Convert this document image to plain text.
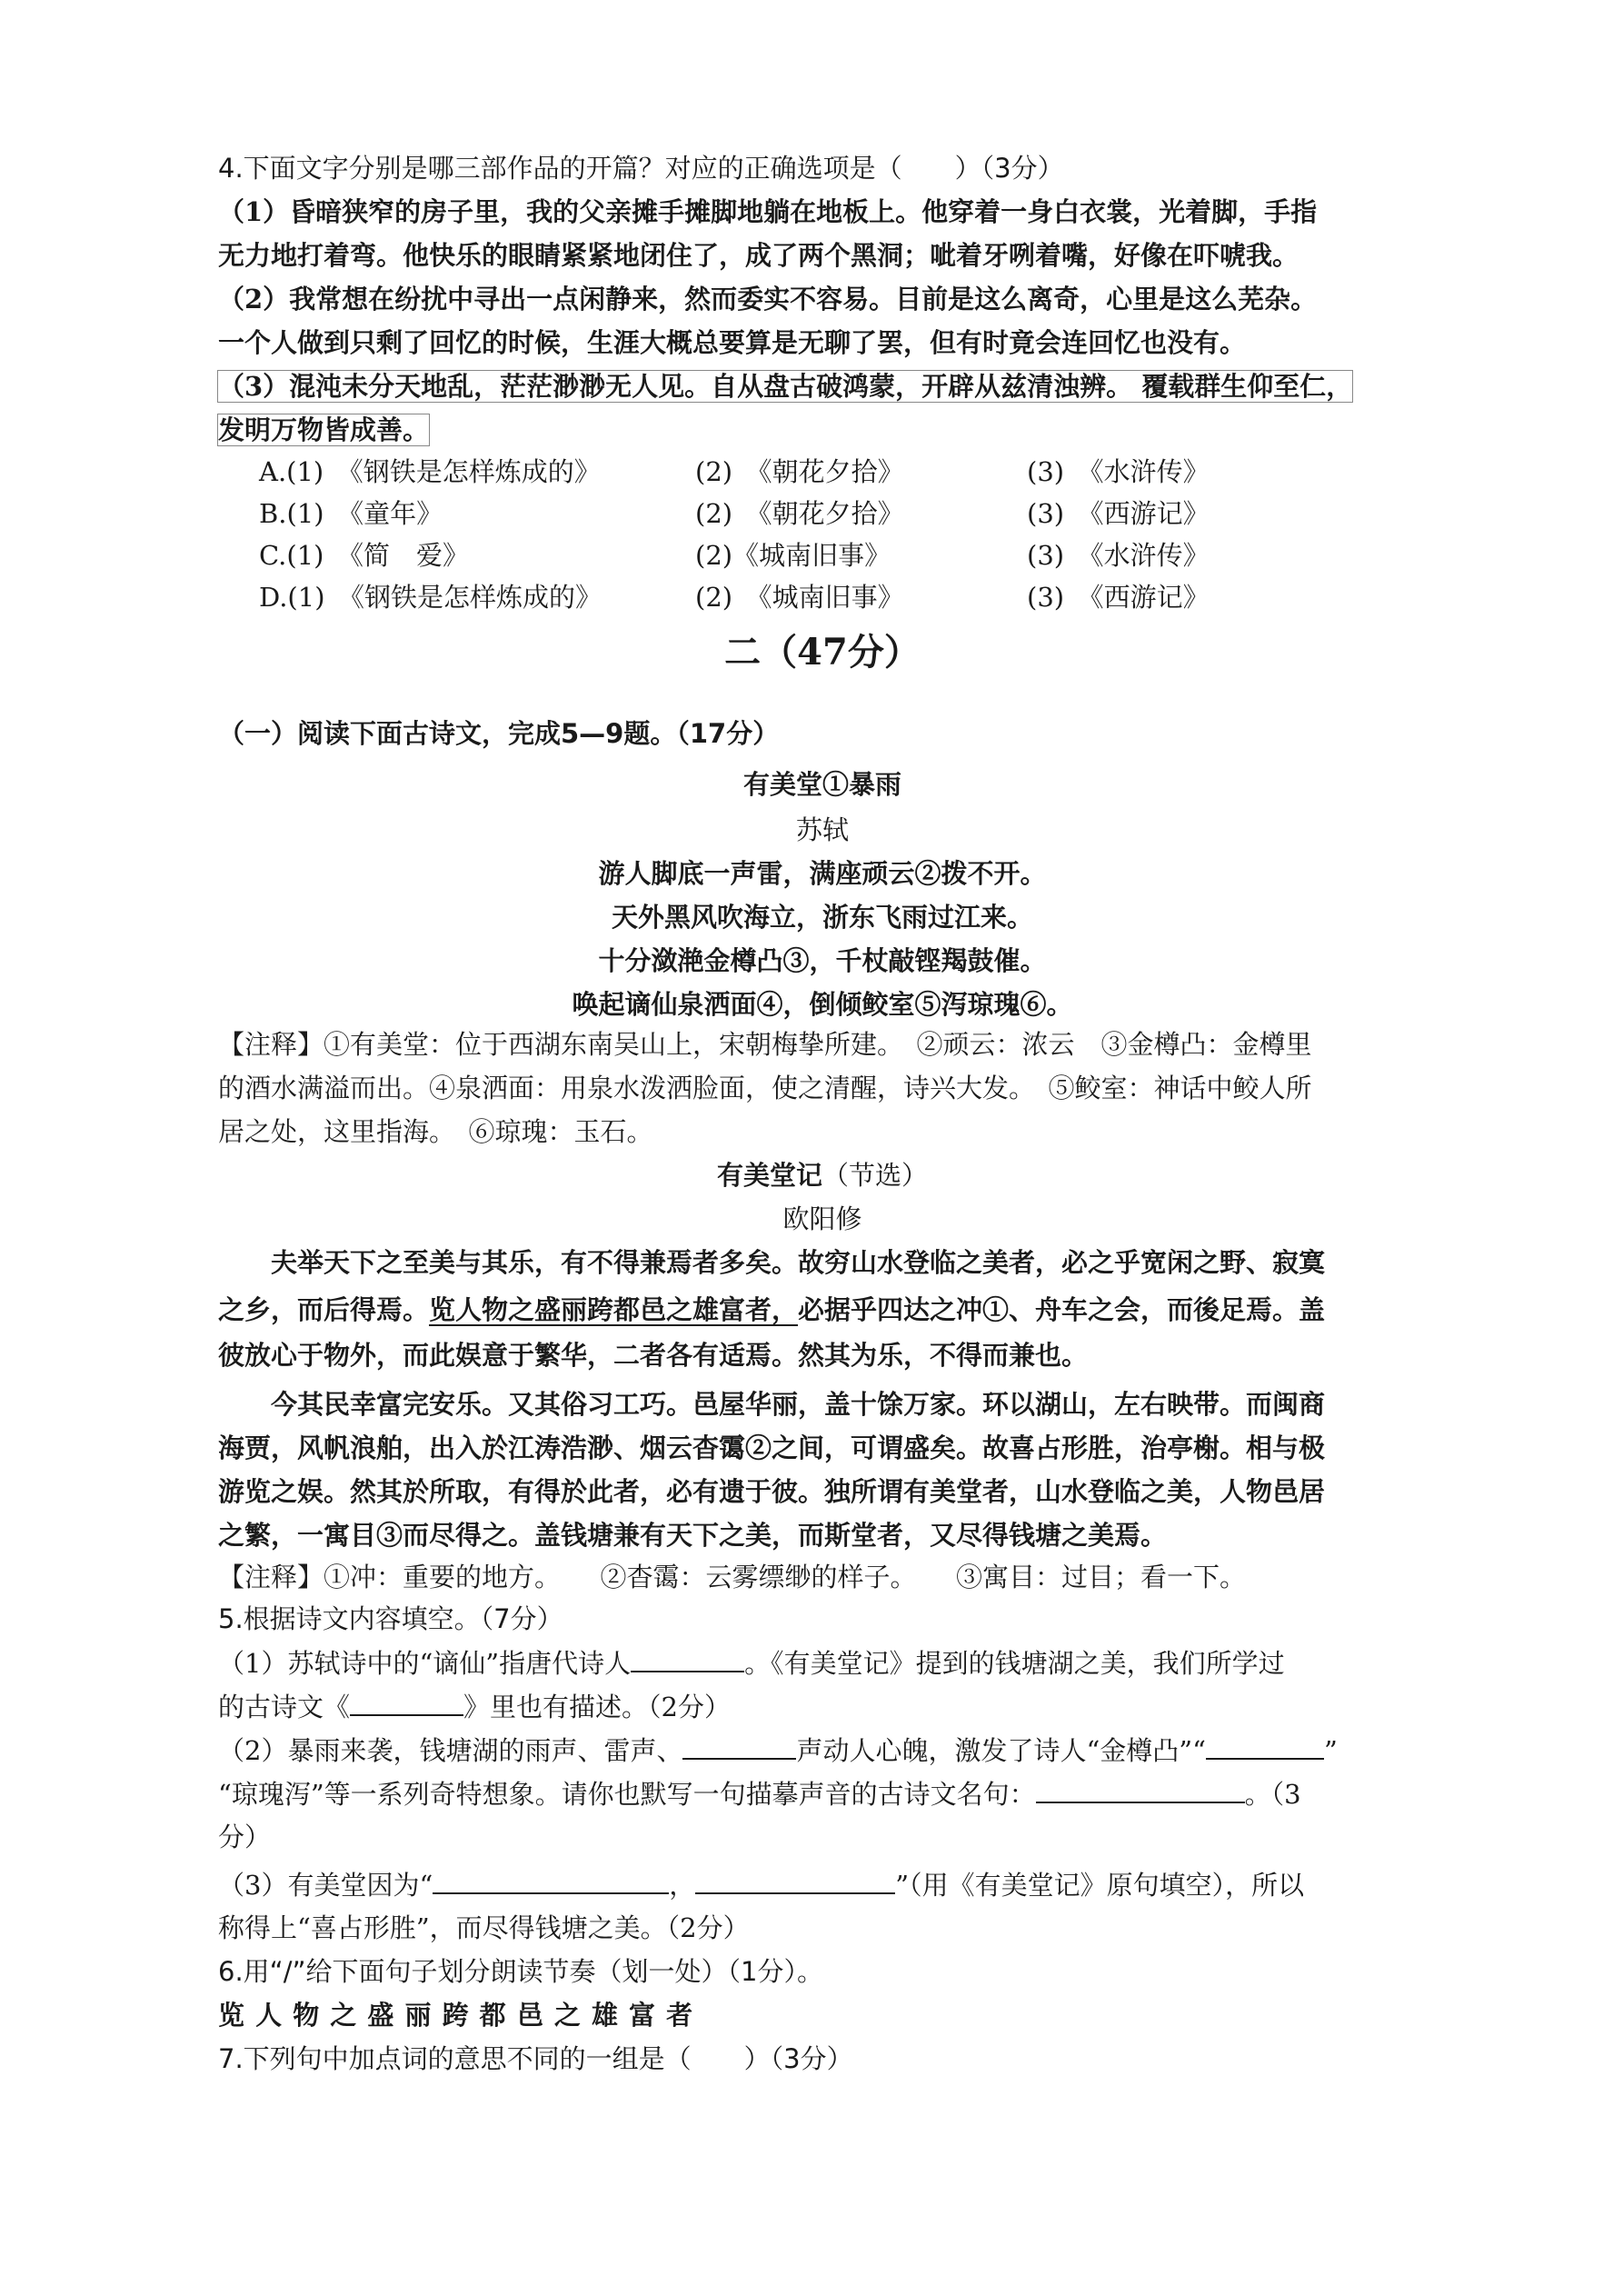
4.下面文字分别是哪三部作品的开篇？对应的正确选项是（　　）（3分）
（1）昏暗狭窄的房子里，我的父亲摊手摊脚地躺在地板上。他穿着一身白衣裳，光着脚，手指
无力地打着弯。他快乐的眼睛紧紧地闭住了，成了两个黑洞；呲着牙咧着嘴，好像在吓唬我。
（2）我常想在纷扰中寻出一点闲静来，然而委实不容易。目前是这么离奇，心里是这么芜杂。
一个人做到只剩了回忆的时候，生涯大概总要算是无聊了罢，但有时竟会连回忆也没有。
（3）混沌未分天地乱，茫茫渺渺无人见。自从盘古破鸿蒙，开辟从兹清浊辨。 覆载群生仰至仁，
发明万物皆成善。
A.(1)　《钢铁是怎样炼成的》	(2)　《朝花夕拾》	(3)　《水浒传》
B.(1)　《童年》	(2)　《朝花夕拾》	(3)　《西游记》
C.(1)　《简　爱》	(2)《城南旧事》	(3)　《水浒传》
D.(1)　《钢铁是怎样炼成的》	(2)　《城南旧事》	(3)　《西游记》
二（47分）
（一）阅读下面古诗文，完成5—9题。（17分）
有美堂①暴雨
苏轼
游人脚底一声雷，满座顽云②拨不开。
天外黑风吹海立，浙东飞雨过江来。
十分潋滟金樽凸③，千杖敲铿羯鼓催。
唤起谪仙泉洒面④，倒倾鲛室⑤泻琼瑰⑥。
【注释】①有美堂：位于西湖东南吴山上，宋朝梅挚所建。　②顽云：浓云　③金樽凸：金樽里
的酒水满溢而出。④泉洒面：用泉水泼洒脸面，使之清醒，诗兴大发。　⑤鲛室：神话中鲛人所
居之处，这里指海。　⑥琼瑰：玉石。
有美堂记（节选）
欧阳修
夫举天下之至美与其乐，有不得兼焉者多矣。故穷山水登临之美者，必之乎宽闲之野、寂寞
之乡，而后得焉。览人物之盛丽跨都邑之雄富者，必据乎四达之冲①、舟车之会，而後足焉。盖
彼放心于物外，而此娱意于繁华，二者各有适焉。然其为乐，不得而兼也。
今其民幸富完安乐。又其俗习工巧。邑屋华丽，盖十馀万家。环以湖山，左右映带。而闽商
海贾，风帆浪舶，出入於江涛浩渺、烟云杳霭②之间，可谓盛矣。故喜占形胜，治亭榭。相与极
游览之娱。然其於所取，有得於此者，必有遗于彼。独所谓有美堂者，山水登临之美，人物邑居
之繁，一寓目③而尽得之。盖钱塘兼有天下之美，而斯堂者，又尽得钱塘之美焉。
【注释】①冲：重要的地方。　　②杳霭：云雾缥缈的样子。　　③寓目：过目；看一下。
5.根据诗文内容填空。（7分）
（1）苏轼诗中的“谪仙”指唐代诗人	。《有美堂记》提到的钱塘湖之美，我们所学过
的古诗文《	》里也有描述。（2分）
（2）暴雨来袭，钱塘湖的雨声、雷声、	声动人心魄，激发了诗人“金樽凸”“	”
“琼瑰泻”等一系列奇特想象。请你也默写一句描摹声音的古诗文名句：	。（3
分）
（3）有美堂因为“	，	”（用《有美堂记》原句填空），所以
称得上“喜占形胜”，而尽得钱塘之美。（2分）
6.用“/”给下面句子划分朗读节奏（划一处）（1分）。
览 人 物 之 盛 丽 跨 都 邑 之 雄 富 者
7.下列句中加点词的意思不同的一组是（　　）（3分）
